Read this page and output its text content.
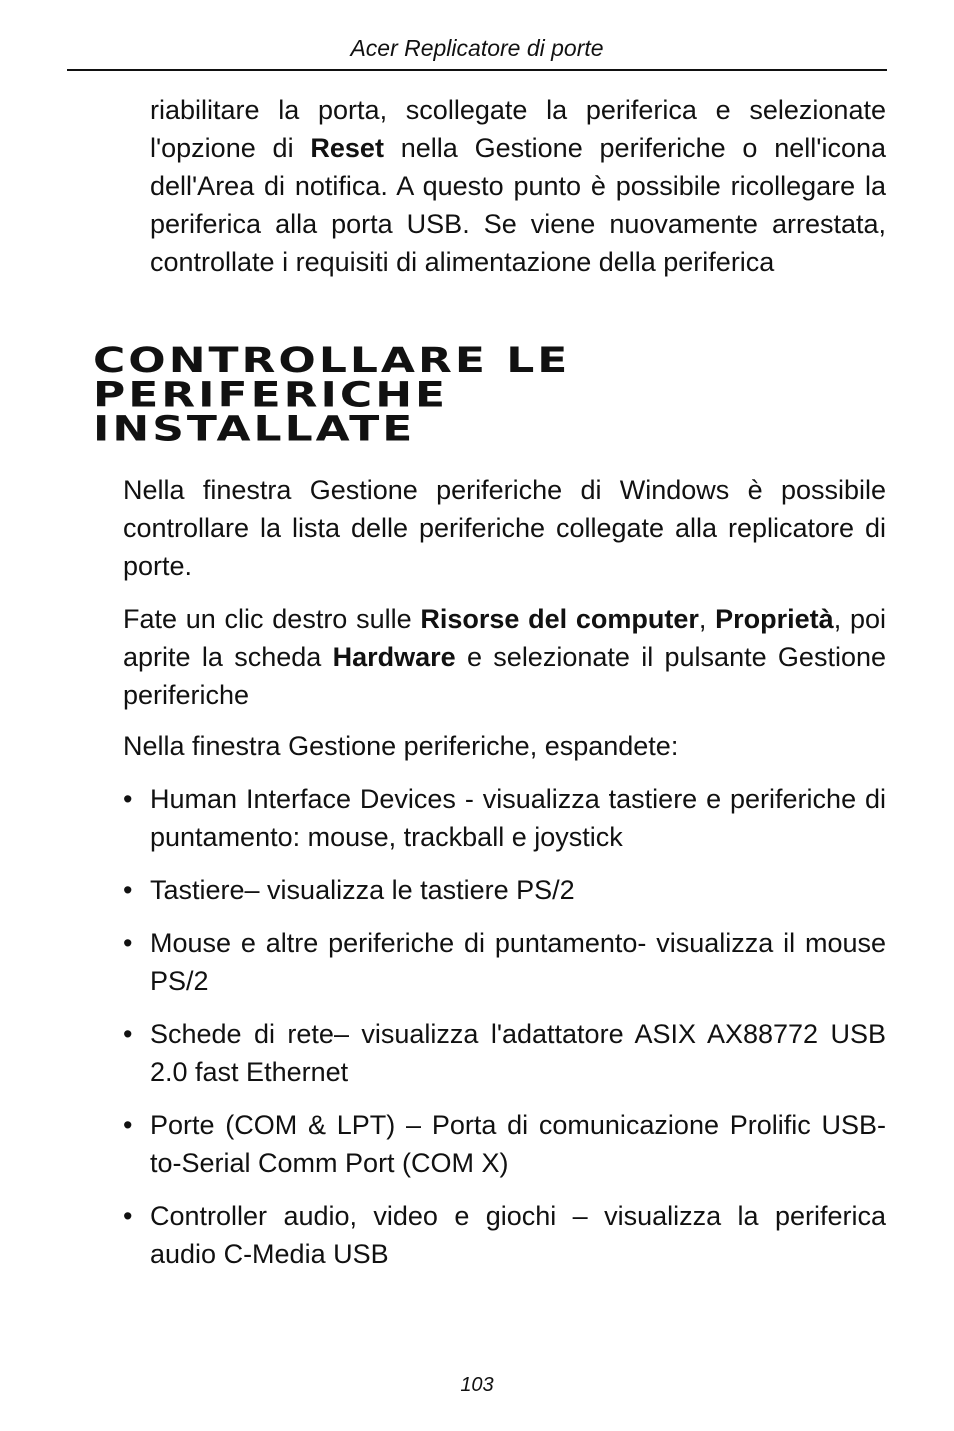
Acer Replicatore di porte

riabilitare la porta, scollegate la periferica e selezionate l'opzione di Reset nella Gestione periferiche o nell'icona dell'Area di notifica. A questo punto è possibile ricollegare la periferica alla porta USB. Se viene nuovamente arrestata, controllate i requisiti di alimentazione della periferica

CONTROLLARE LE
PERIFERICHE
INSTALLATE

Nella finestra Gestione periferiche di Windows è possibile controllare la lista delle periferiche collegate alla replicatore di porte.

Fate un clic destro sulle Risorse del computer, Proprietà, poi aprite la scheda Hardware e selezionate il pulsante Gestione periferiche

Nella finestra Gestione periferiche, espandete:

• Human Interface Devices - visualizza tastiere e periferiche di puntamento: mouse, trackball e joystick
• Tastiere– visualizza le tastiere PS/2
• Mouse e altre periferiche di puntamento- visualizza il mouse PS/2
• Schede di rete– visualizza l'adattatore ASIX AX88772 USB 2.0 fast Ethernet
• Porte (COM & LPT) – Porta di comunicazione Prolific USB-to-Serial Comm Port (COM X)
• Controller audio, video e giochi – visualizza la periferica audio C-Media USB
103
